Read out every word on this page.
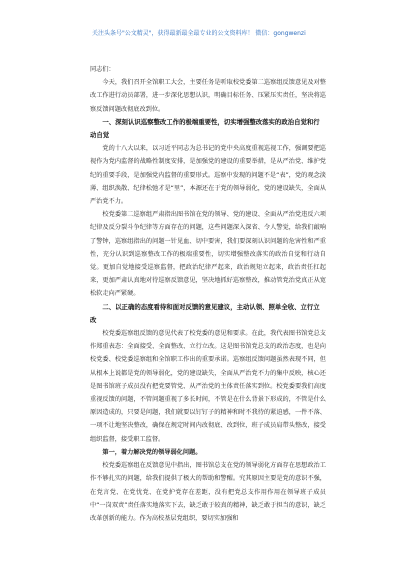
关注头条号"公文精灵"，获得最新最全最专业的公文资料库！ 微信：gongwenzi

同志们：

今天，我们召开全馆职工大会，主要任务是听取校党委第二巡察组反馈意见及对整改工作进行动员部署，进一步深化思想认识，明确目标任务、压紧压实责任，坚决将巡察反馈问题改彻底改到位。

一、深刻认识巡察整改工作的极端重要性，切实增强整改落实的政治自觉和行动自觉

党的十八大以来，以习近平同志为总书记的党中央高度重视巡视工作，强调要把巡视作为党内监督的战略性制度安排，是加强党的建设的重要举措，是从严治党、维护党纪的重要手段，是加强党内监督的重要形式。巡察中发现的问题不是“表”，党的观念淡薄、组织涣散、纪律松弛才是“里”，本源还在于党的领导弱化，党的建设缺失，全面从严治党不力。

校党委第二巡察组严肃指出图书馆在党的领导、党的建设、全面从严治党违反六项纪律及反分裂斗争纪律等方面存在的问题，这些问题深入深省、令人警觉，给我们敲响了警钟，巡察组指出的问题一针见血、切中要害，我们要深刻认识问题的危害性和严重性，充分认识到巡察整改工作的极端重要性，切实增强整改落实的政治自觉和行动自觉。更加自觉地接受巡察监督，把政治纪律严起来，政治规矩立起来，政治责任扛起来，更加严肃认真地对待巡察反馈意见，坚决地抓好巡察整改，推动管党治党真正从宽松软走向严紧硬。

二、以正确的态度看待和面对反馈的意见建议，主动认领、照单全收、立行立改

校党委巡察组反馈的意见代表了校党委的意见和要求。在此，我代表图书馆党总支作郑重表态：全面接受、全面整改、立行立改。这是图书馆党总支的政治态度，也是向校党委、校党委巡察组和全馆职工作出的重要承诺。巡察组反馈问题虽然表现不同，但从根本上说都是党的领导弱化，党的建设缺失，全面从严治党不力的集中反映，核心还是图书馆班子成员没有把党要管党、从严治党的主体责任落实到位。校党委要我们高度重视反馈的问题，不管问题重视了多长时间，不管是在什么背景下形成的，不管是什么原因造成的，只要是问题，我们就要以钉钉子的精神和时不我待的紧迫感，一件不落、一项不让地坚决整改，确保在规定时间内改彻底、改到位，班子成员肩带头整改，接受组织监督，接受职工监督。

第一，着力解决党的领导弱化问题。

校党委巡察组在反馈意见中指出，图书馆总支在党的领导弱化方面存在思想政治工作不够扎实的问题，给我们提供了极大的帮助和警醒。究其原因主要是党的意识不强，在党言党、在党忧党、在党护党存在差距，没有把党总支作用作用在领导班子成员中“一岗双责”责任落实地落实下去，缺乏敢于较真的精神，缺乏敢于担当的意识，缺乏改革创新的能力。作为高校基层党组织，要切实加强和
